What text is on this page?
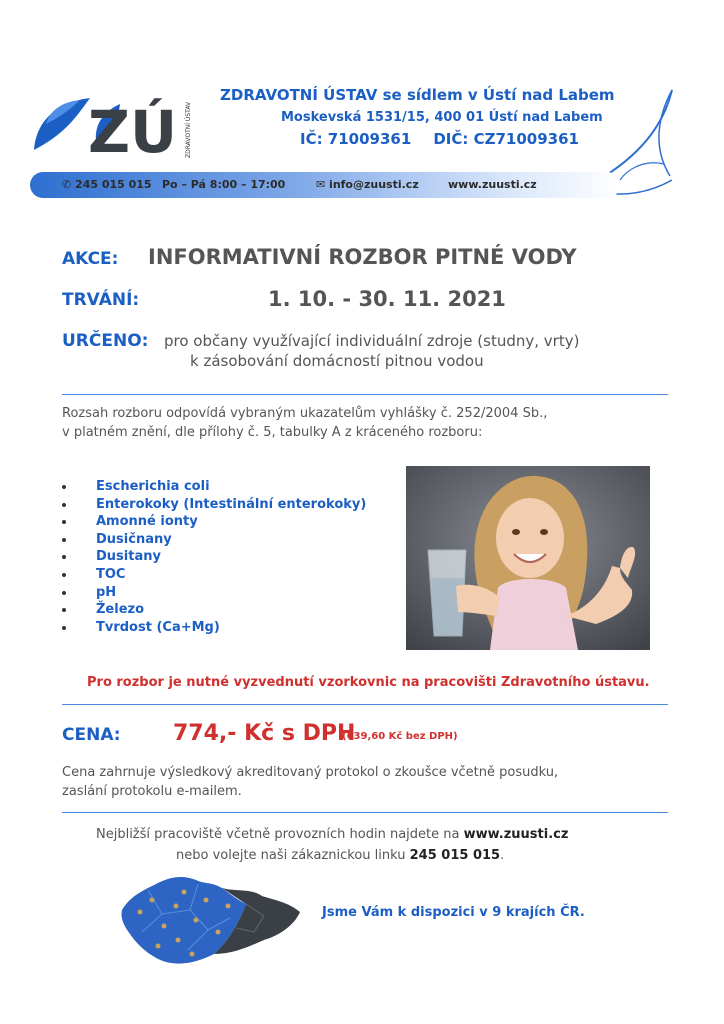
ZÚ ZDRAVOTNÍ ÚSTAV
ZDRAVOTNÍ ÚSTAV se sídlem v Ústí nad Labem
Moskevská 1531/15, 400 01 Ústí nad Labem
IČ: 71009361 DIČ: CZ71009361
✆ 245 015 015 Po – Pá 8:00 – 17:00	✉ info@zuusti.cz	www.zuusti.cz
AKCE: INFORMATIVNÍ ROZBOR PITNÉ VODY
TRVÁNÍ:	1. 10. - 30. 11. 2021
URČENO: pro občany využívající individuální zdroje (studny, vrty)
k zásobování domácností pitnou vodou
Rozsah rozboru odpovídá vybraným ukazatelům vyhlášky č. 252/2004 Sb.,
v platném znění, dle přílohy č. 5, tabulky A z kráceného rozboru:
Escherichia coli
Enterokoky (Intestinální enterokoky)
Amonné ionty
Dusičnany
Dusitany
TOC
pH
Železo
Tvrdost (Ca+Mg)
Pro rozbor je nutné vyzvednutí vzorkovnic na pracovišti Zdravotního ústavu.
CENA: 774,- Kč s DPH
(639,60 Kč bez DPH)
Cena zahrnuje výsledkový akreditovaný protokol o zkoušce včetně posudku,
zaslání protokolu e-mailem.
Nejbližší pracoviště včetně provozních hodin najdete na www.zuusti.cz
nebo volejte naši zákaznickou linku 245 015 015.
Jsme Vám k dispozici v 9 krajích ČR.
